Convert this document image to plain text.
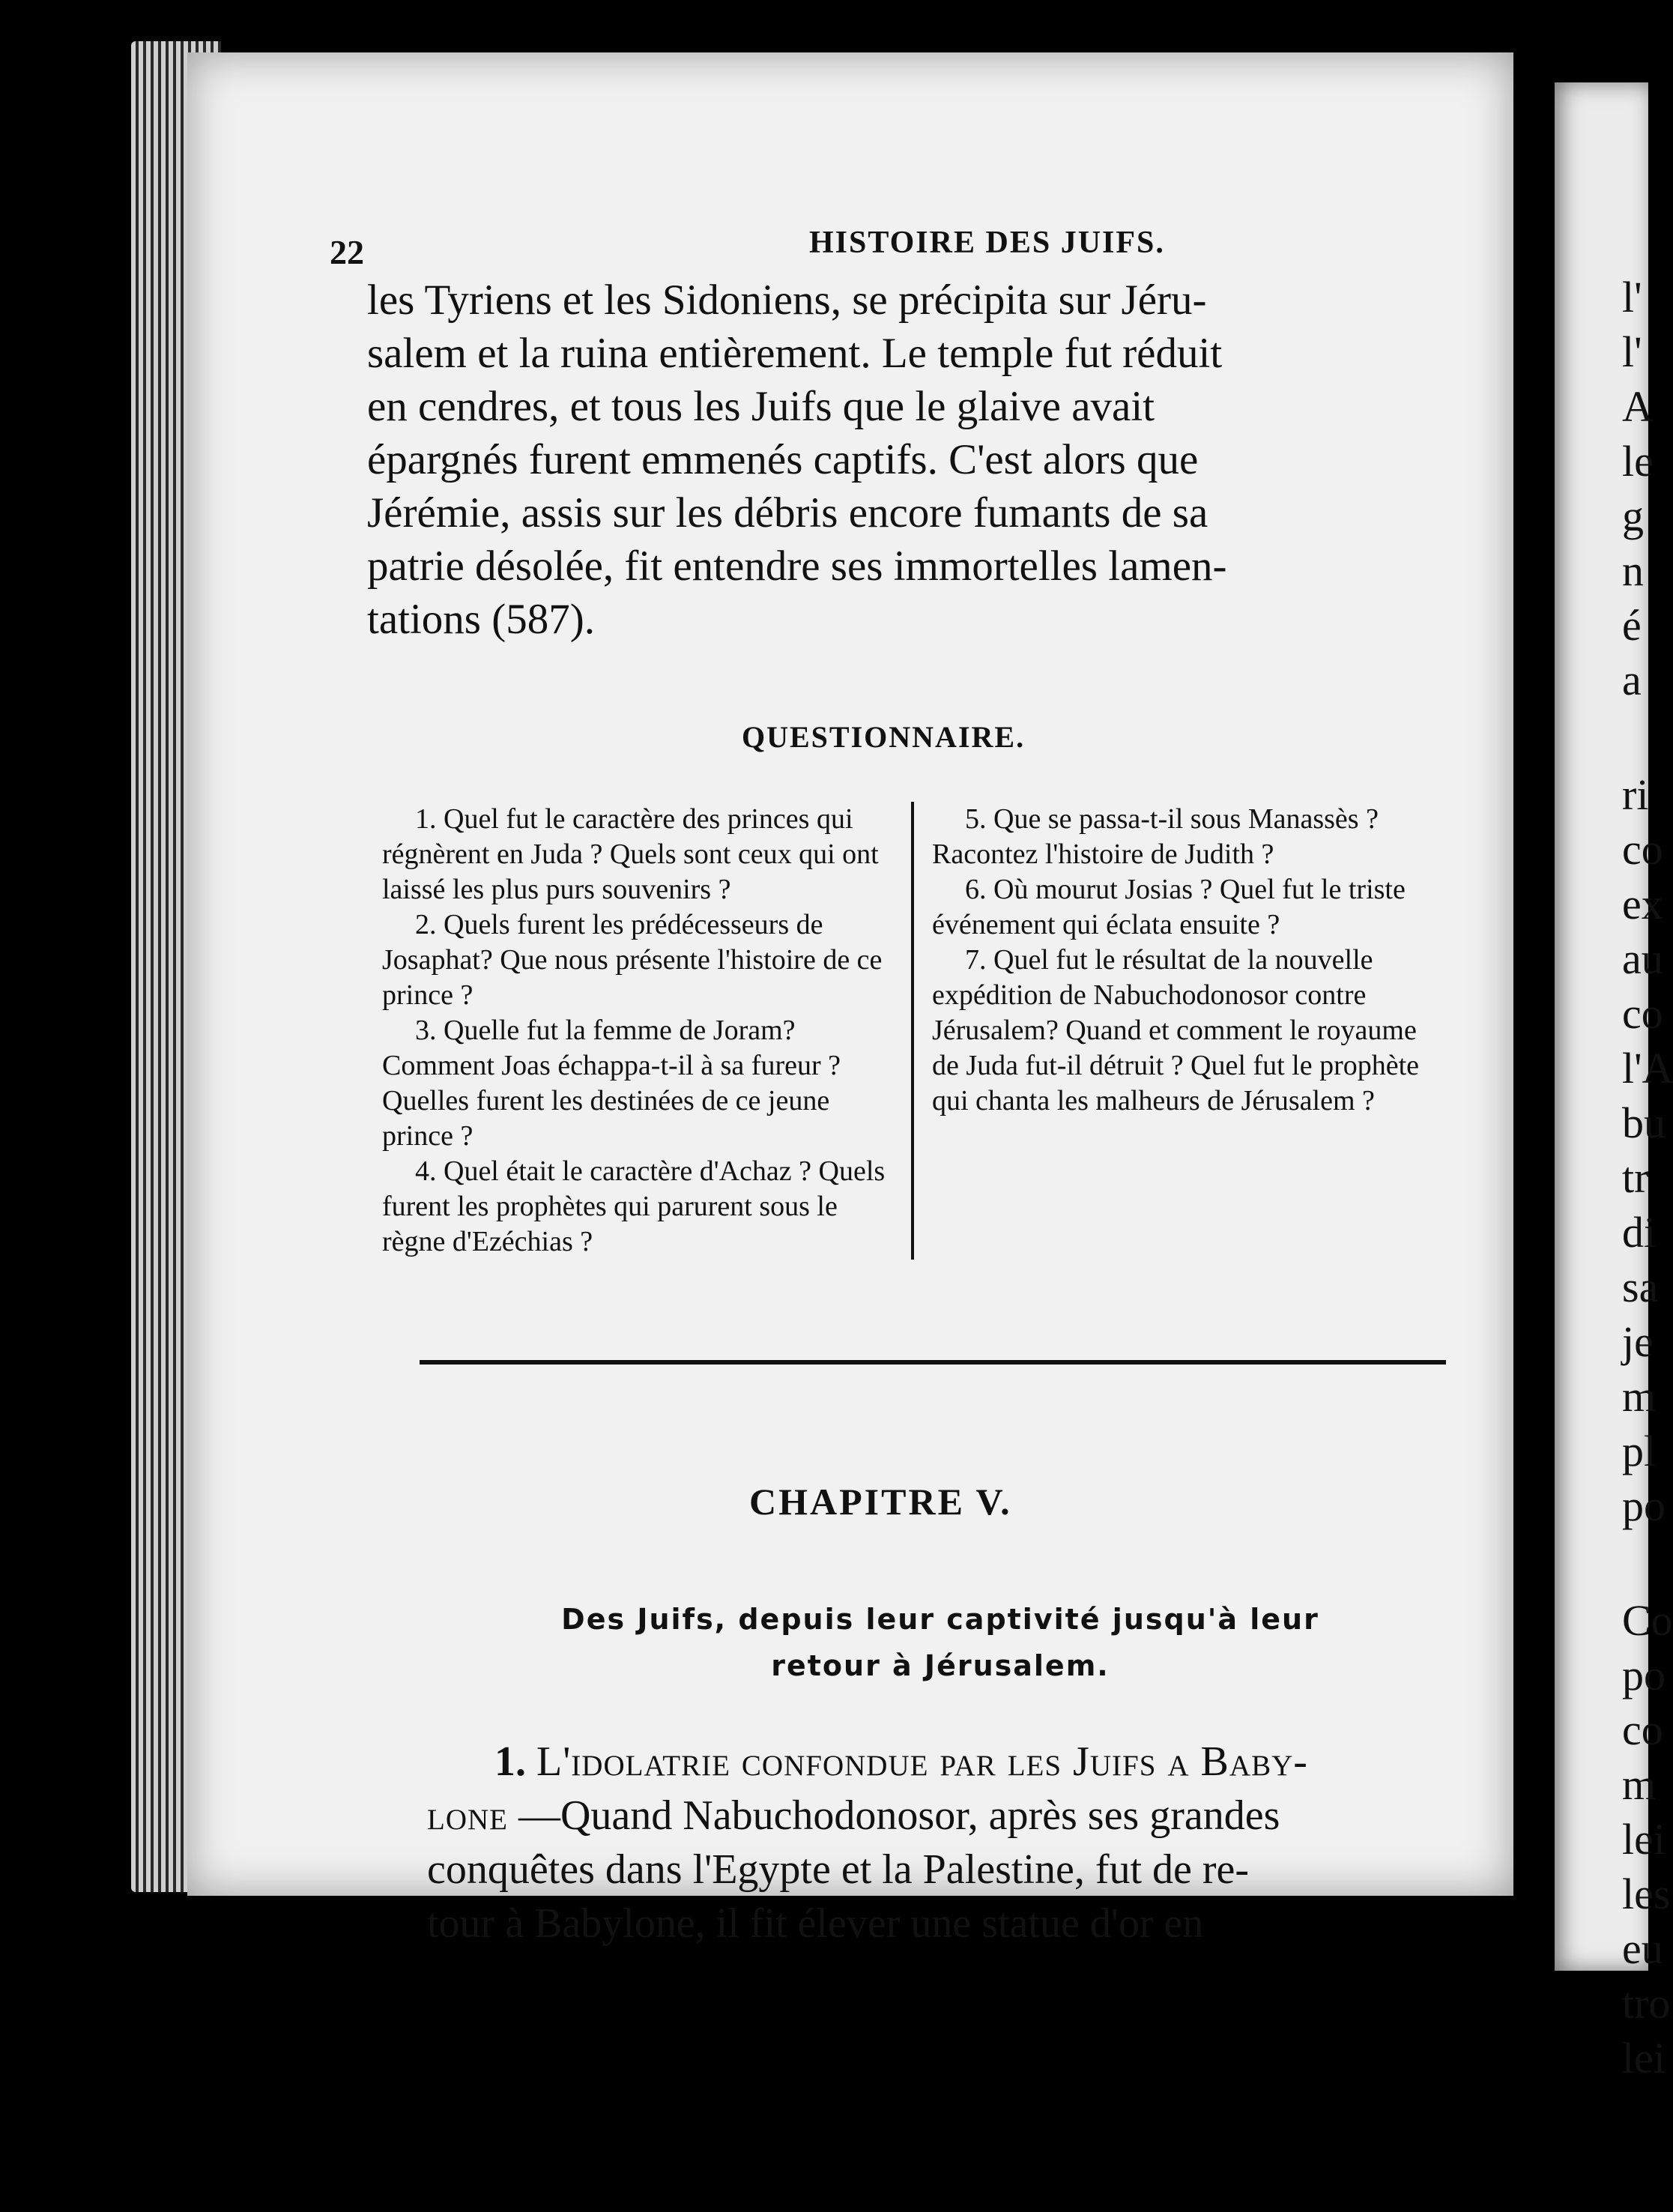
22	HISTOIRE DES JUIFS.

les Tyriens et les Sidoniens, se précipita sur Jéru-
salem et la ruina entièrement. Le temple fut réduit
en cendres, et tous les Juifs que le glaive avait
épargnés furent emmenés captifs. C'est alors que
Jérémie, assis sur les débris encore fumants de sa
patrie désolée, fit entendre ses immortelles lamen-
tations (587).

QUESTIONNAIRE.

1. Quel fut le caractère des princes qui régnèrent en Juda ? Quels sont ceux qui ont laissé les plus purs souvenirs ?

2. Quels furent les prédécesseurs de Josaphat? Que nous présente l'histoire de ce prince ?

3. Quelle fut la femme de Joram? Comment Joas échappa-t-il à sa fureur ? Quelles furent les destinées de ce jeune prince ?

4. Quel était le caractère d'Achaz ? Quels furent les prophètes qui parurent sous le règne d'Ezéchias ?

5. Que se passa-t-il sous Manassès ? Racontez l'histoire de Judith ?

6. Où mourut Josias ? Quel fut le triste événement qui éclata ensuite ?

7. Quel fut le résultat de la nouvelle expédition de Nabuchodonosor contre Jérusalem? Quand et comment le royaume de Juda fut-il détruit ? Quel fut le prophète qui chanta les malheurs de Jérusalem ?

CHAPITRE V.
Des Juifs, depuis leur captivité jusqu'à leur
retour à Jérusalem.
1. L'idolatrie confondue par les Juifs a Baby-
lone —Quand Nabuchodonosor, après ses grandes
conquêtes dans l'Egypte et la Palestine, fut de re-
tour à Babylone, il fit élever une statue d'or en

l'

l'

A

le

g

n

é

a

ri

co

ex

au

co

l'A

bu

tr

di

sa

je

m

pl

po

Co

po

co

m

lei

les

eu

tro

lei
